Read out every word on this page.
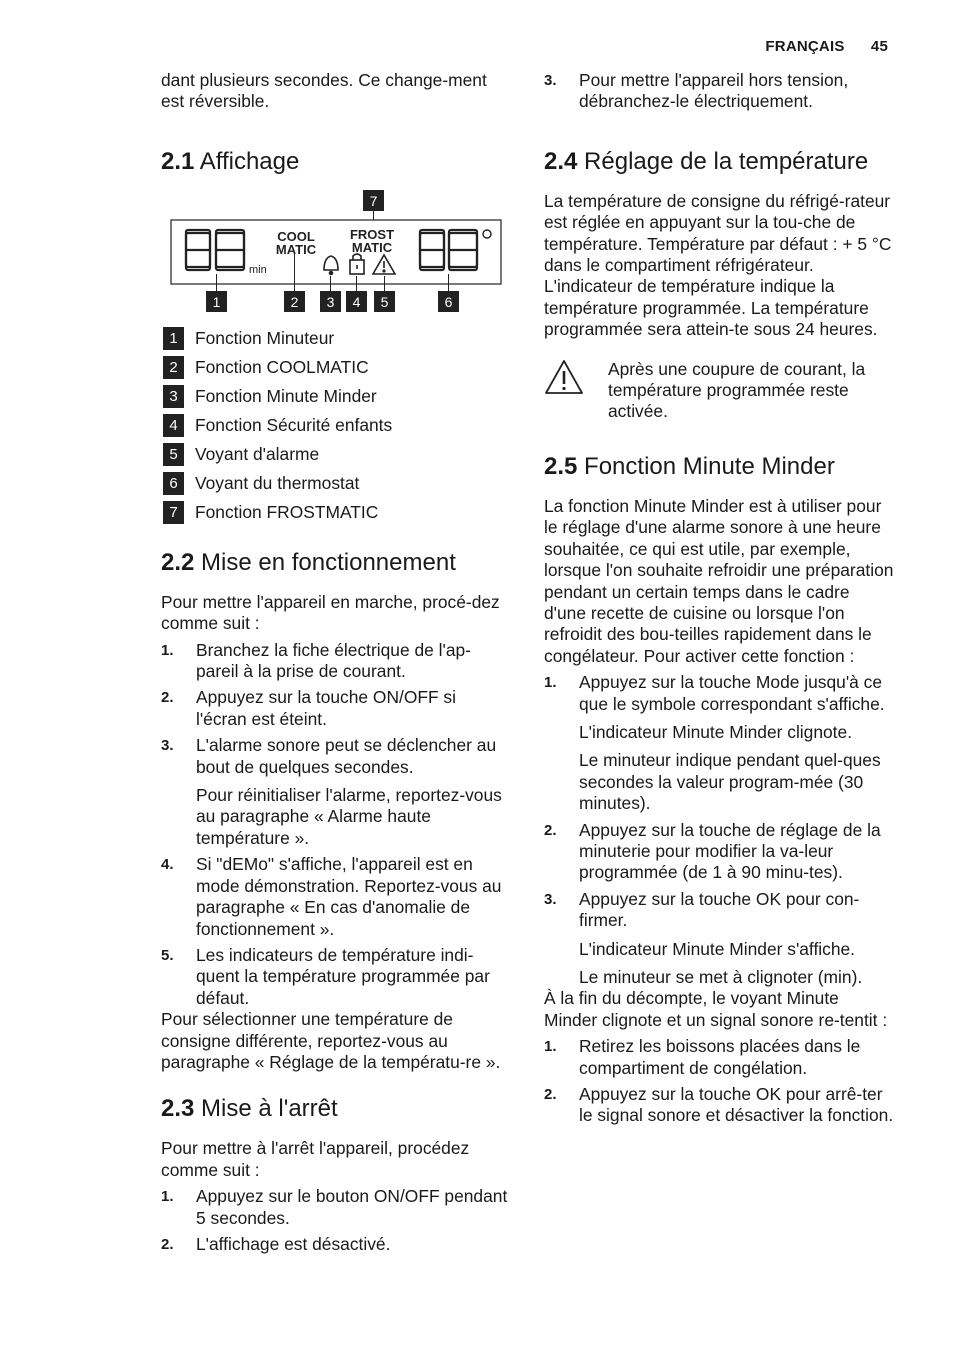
FRANÇAIS 45

dant plusieurs secondes. Ce change-ment est réversible.

2.1 Affichage
7
1	2 3 4 5	6
min
COOL
MATIC
FROST
MATIC
1 Fonction Minuteur
2 Fonction COOLMATIC
3 Fonction Minute Minder
4 Fonction Sécurité enfants
5 Voyant d'alarme
6 Voyant du thermostat
7 Fonction FROSTMATIC
2.2 Mise en fonctionnement

Pour mettre l'appareil en marche, procé-dez comme suit :

1. Branchez la fiche électrique de l'ap-pareil à la prise de courant.
2. Appuyez sur la touche ON/OFF si l'écran est éteint.
3. L'alarme sonore peut se déclencher au bout de quelques secondes.
Pour réinitialiser l'alarme, reportez-vous au paragraphe « Alarme haute température ».
4. Si "dEMo" s'affiche, l'appareil est en mode démonstration. Reportez-vous au paragraphe « En cas d'anomalie de fonctionnement ».
5. Les indicateurs de température indi-quent la température programmée par défaut.

Pour sélectionner une température de consigne différente, reportez-vous au paragraphe « Réglage de la températu-re ».

2.3 Mise à l'arrêt

Pour mettre à l'arrêt l'appareil, procédez comme suit :

1. Appuyez sur le bouton ON/OFF pendant 5 secondes.
2. L'affichage est désactivé.
3. Pour mettre l'appareil hors tension, débranchez-le électriquement.
2.4 Réglage de la température

La température de consigne du réfrigé-rateur est réglée en appuyant sur la tou-che de température. Température par défaut : + 5 °C dans le compartiment réfrigérateur. L'indicateur de température indique la température programmée. La température programmée sera attein-te sous 24 heures.

Après une coupure de courant, la température programmée reste activée.

2.5 Fonction Minute Minder

La fonction Minute Minder est à utiliser pour le réglage d'une alarme sonore à une heure souhaitée, ce qui est utile, par exemple, lorsque l'on souhaite refroidir une préparation pendant un certain temps dans le cadre d'une recette de cuisine ou lorsque l'on refroidit des bou-teilles rapidement dans le congélateur. Pour activer cette fonction :

1. Appuyez sur la touche Mode jusqu'à ce que le symbole correspondant s'affiche.
L'indicateur Minute Minder clignote.
Le minuteur indique pendant quel-ques secondes la valeur program-mée (30 minutes).
2. Appuyez sur la touche de réglage de la minuterie pour modifier la va-leur programmée (de 1 à 90 minu-tes).
3. Appuyez sur la touche OK pour con-firmer.
L'indicateur Minute Minder s'affiche.
Le minuteur se met à clignoter (min).

À la fin du décompte, le voyant Minute Minder clignote et un signal sonore re-tentit :

1. Retirez les boissons placées dans le compartiment de congélation.
2. Appuyez sur la touche OK pour arrê-ter le signal sonore et désactiver la fonction.
